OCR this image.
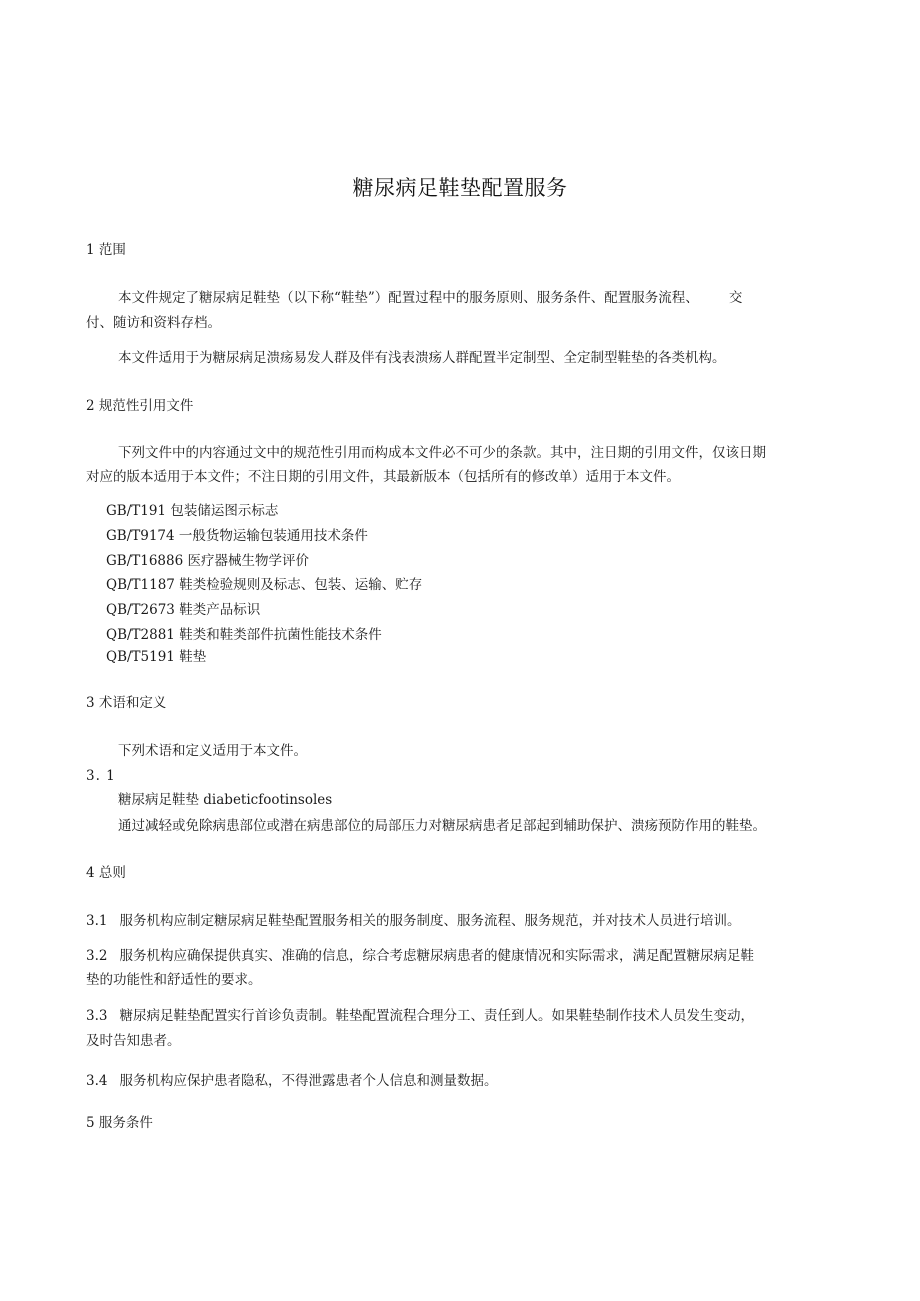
糖尿病足鞋垫配置服务
1 范围
本文件规定了糖尿病足鞋垫（以下称“鞋垫”）配置过程中的服务原则、服务条件、配置服务流程、 交
付、随访和资料存档。
本文件适用于为糖尿病足溃疡易发人群及伴有浅表溃疡人群配置半定制型、全定制型鞋垫的各类机构。
2 规范性引用文件
下列文件中的内容通过文中的规范性引用而构成本文件必不可少的条款。其中，注日期的引用文件，仅该日期
对应的版本适用于本文件；不注日期的引用文件，其最新版本（包括所有的修改单）适用于本文件。
GB/T191 包装储运图示标志
GB/T9174 一般货物运输包装通用技术条件
GB/T16886 医疗器械生物学评价
QB/T1187 鞋类检验规则及标志、包装、运输、贮存
QB/T2673 鞋类产品标识
QB/T2881 鞋类和鞋类部件抗菌性能技术条件
QB/T5191 鞋垫
3 术语和定义
下列术语和定义适用于本文件。
3. 1
糖尿病足鞋垫 diabeticfootinsoles
通过减轻或免除病患部位或潜在病患部位的局部压力对糖尿病患者足部起到辅助保护、溃疡预防作用的鞋垫。
4 总则
3.1 服务机构应制定糖尿病足鞋垫配置服务相关的服务制度、服务流程、服务规范，并对技术人员进行培训。
3.2 服务机构应确保提供真实、准确的信息，综合考虑糖尿病患者的健康情况和实际需求，满足配置糖尿病足鞋
垫的功能性和舒适性的要求。
3.3 糖尿病足鞋垫配置实行首诊负责制。鞋垫配置流程合理分工、责任到人。如果鞋垫制作技术人员发生变动，
及时告知患者。
3.4 服务机构应保护患者隐私，不得泄露患者个人信息和测量数据。
5 服务条件
